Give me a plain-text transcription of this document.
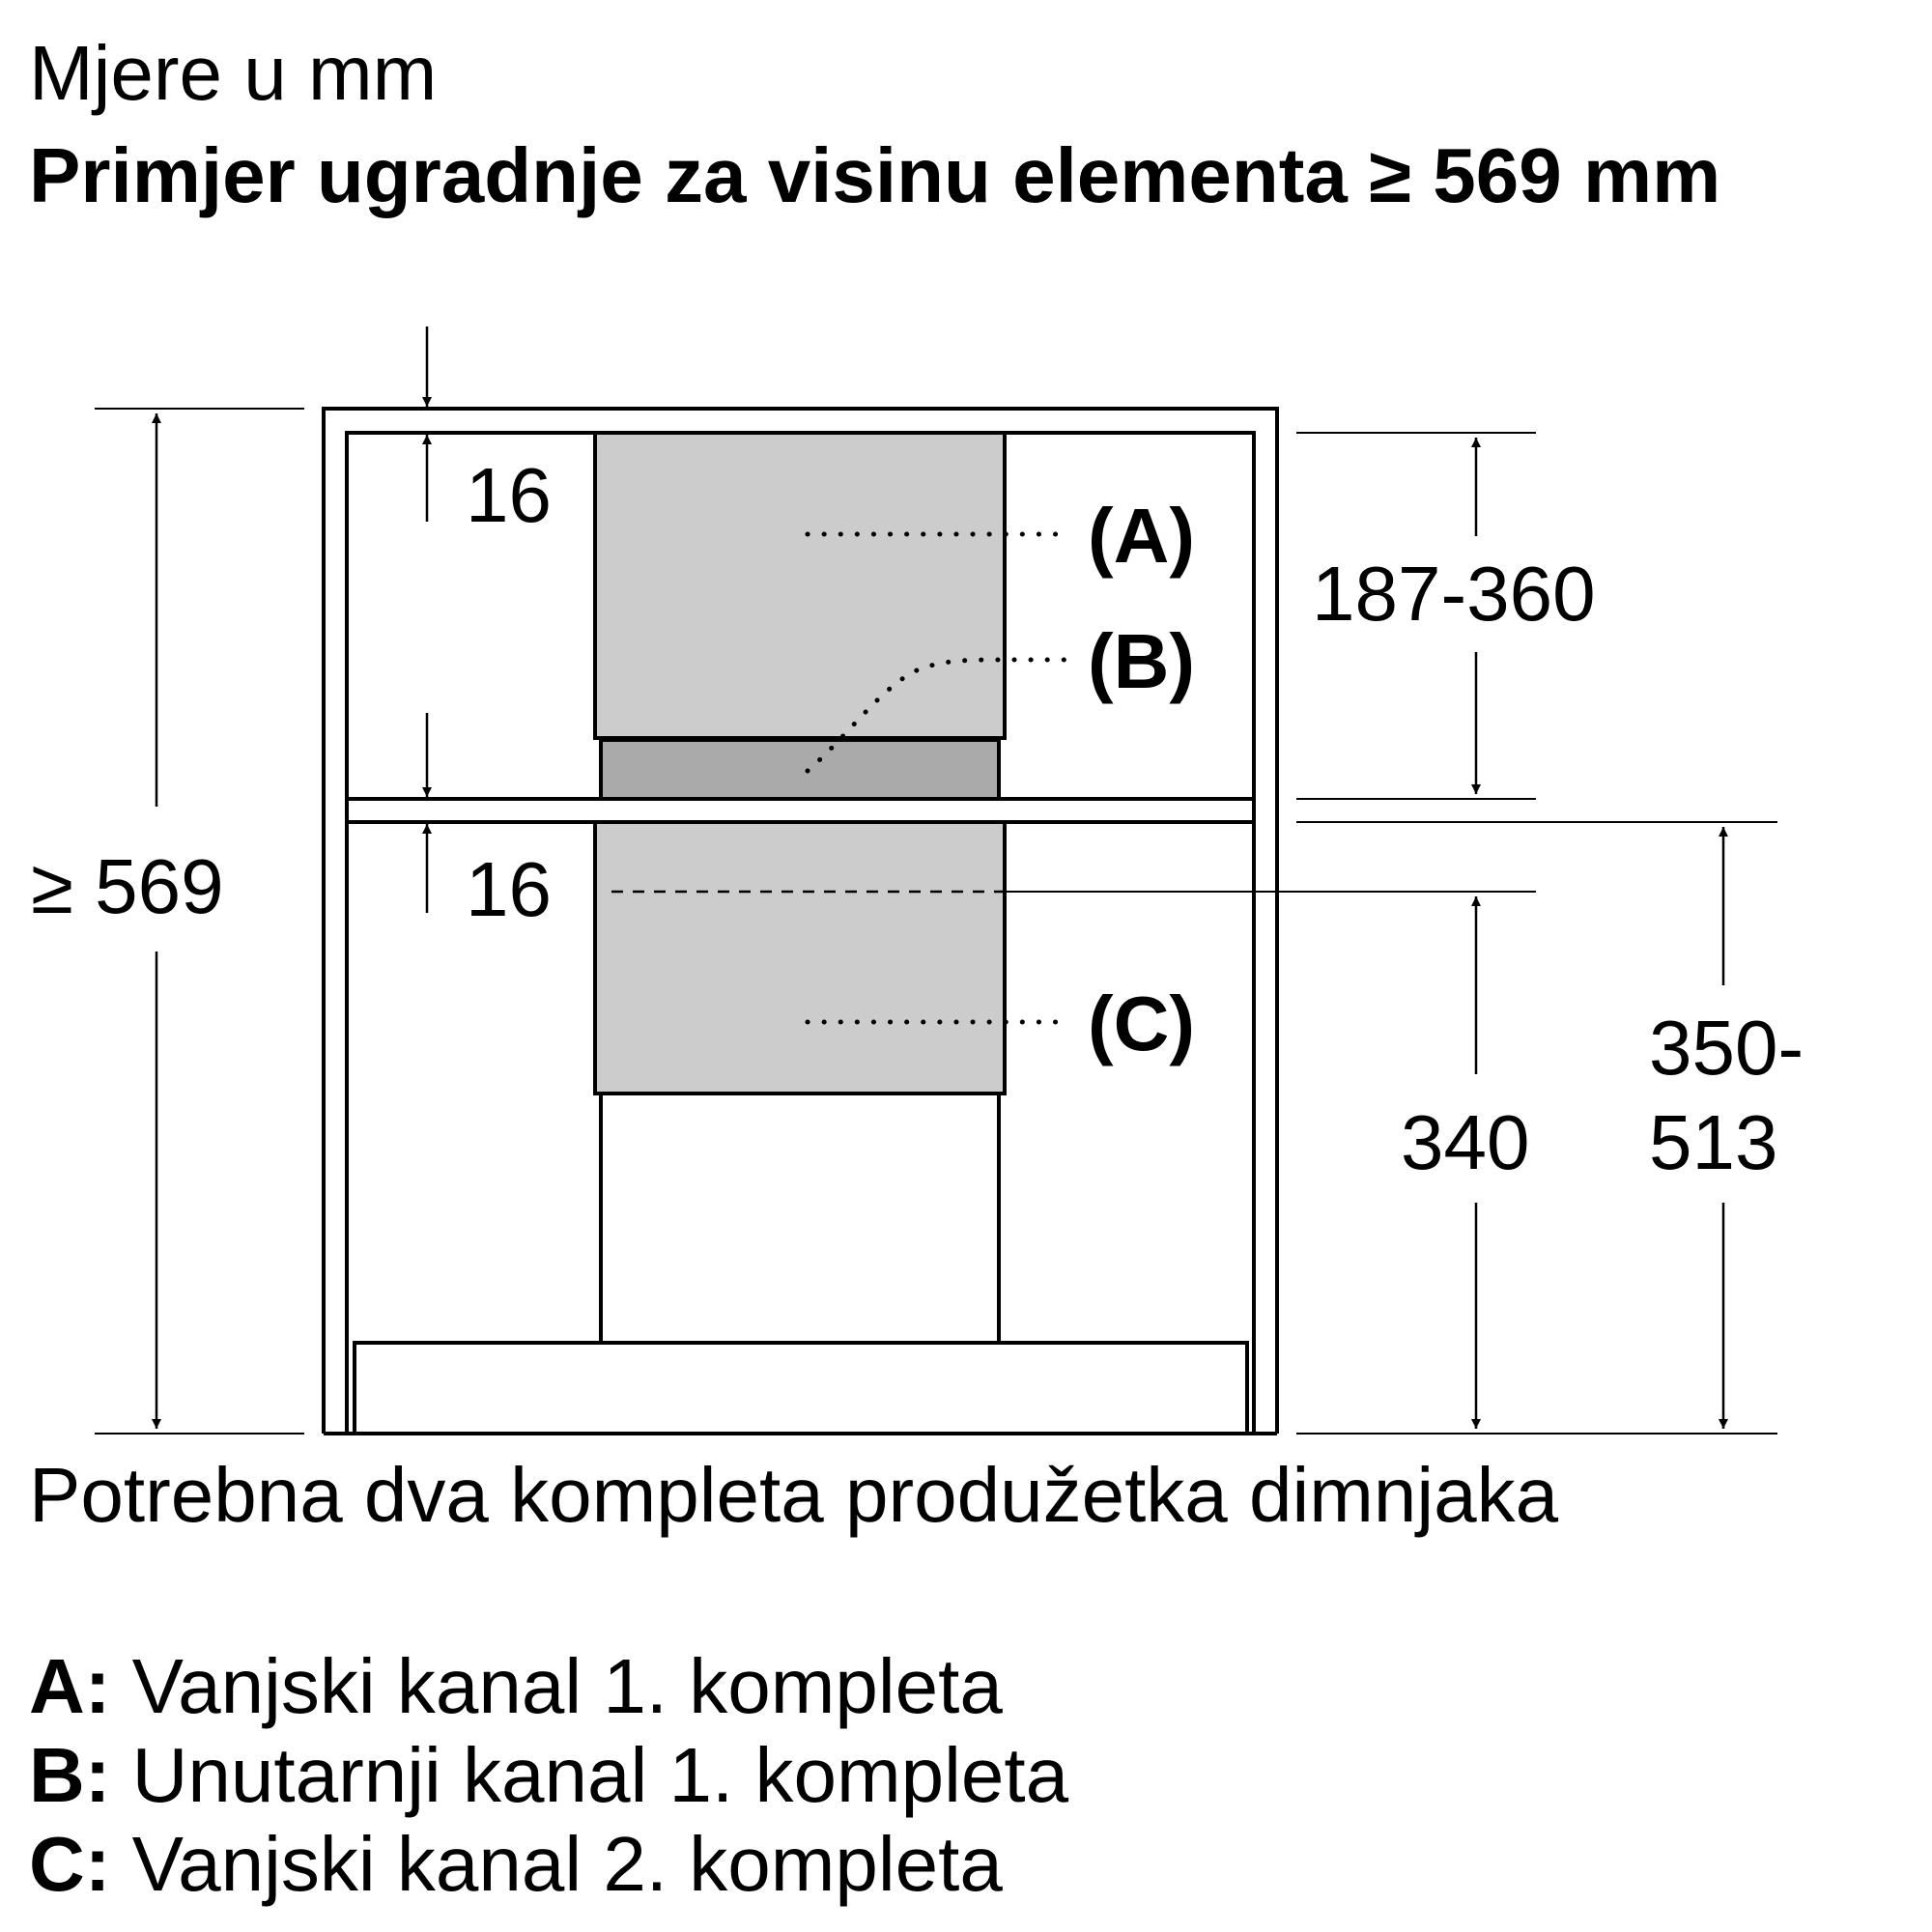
Mjere u mm
Primjer ugradnje za visinu elementa ≥ 569 mm
≥ 569
16
16
187-360
340
350-
513
(A)
(B)
(C)
Potrebna dva kompleta produžetka dimnjaka
A: Vanjski kanal 1. kompleta
B: Unutarnji kanal 1. kompleta
C: Vanjski kanal 2. kompleta
